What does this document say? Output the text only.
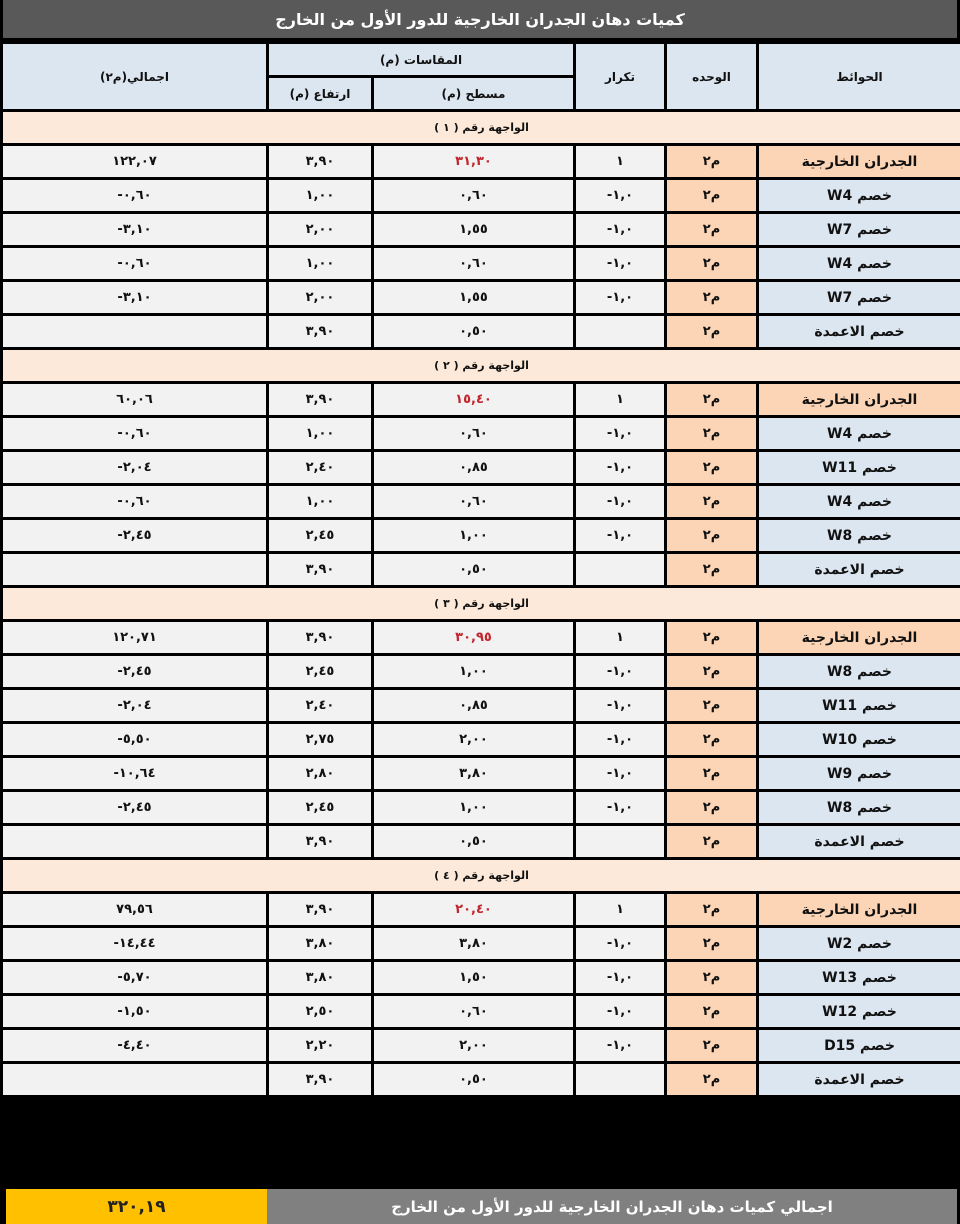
كميات دهان الجدران الخارجية للدور الأول من الخارج
الحوائط	الوحده	تكرار	المقاسات (م)		اجمالي(م٢)
			مسطح (م)	ارتفاع (م)	
الواجهة رقم ( ١ )					
الجدران الخارجية	م٢	١	٣١,٣٠	٣,٩٠	١٢٢,٠٧
خصم W4	م٢	١,٠-	٠,٦٠	١,٠٠	٠,٦٠-
خصم W7	م٢	١,٠-	١,٥٥	٢,٠٠	٣,١٠-
خصم W4	م٢	١,٠-	٠,٦٠	١,٠٠	٠,٦٠-
خصم W7	م٢	١,٠-	١,٥٥	٢,٠٠	٣,١٠-
خصم الاعمدة	م٢		٠,٥٠	٣,٩٠	
الواجهة رقم ( ٢ )					
الجدران الخارجية	م٢	١	١٥,٤٠	٣,٩٠	٦٠,٠٦
خصم W4	م٢	١,٠-	٠,٦٠	١,٠٠	٠,٦٠-
خصم W11	م٢	١,٠-	٠,٨٥	٢,٤٠	٢,٠٤-
خصم W4	م٢	١,٠-	٠,٦٠	١,٠٠	٠,٦٠-
خصم W8	م٢	١,٠-	١,٠٠	٢,٤٥	٢,٤٥-
خصم الاعمدة	م٢		٠,٥٠	٣,٩٠	
الواجهة رقم ( ٣ )					
الجدران الخارجية	م٢	١	٣٠,٩٥	٣,٩٠	١٢٠,٧١
خصم W8	م٢	١,٠-	١,٠٠	٢,٤٥	٢,٤٥-
خصم W11	م٢	١,٠-	٠,٨٥	٢,٤٠	٢,٠٤-
خصم W10	م٢	١,٠-	٢,٠٠	٢,٧٥	٥,٥٠-
خصم W9	م٢	١,٠-	٣,٨٠	٢,٨٠	١٠,٦٤-
خصم W8	م٢	١,٠-	١,٠٠	٢,٤٥	٢,٤٥-
خصم الاعمدة	م٢		٠,٥٠	٣,٩٠	
الواجهة رقم ( ٤ )					
الجدران الخارجية	م٢	١	٢٠,٤٠	٣,٩٠	٧٩,٥٦
خصم W2	م٢	١,٠-	٣,٨٠	٣,٨٠	١٤,٤٤-
خصم W13	م٢	١,٠-	١,٥٠	٣,٨٠	٥,٧٠-
خصم W12	م٢	١,٠-	٠,٦٠	٢,٥٠	١,٥٠-
خصم D15	م٢	١,٠-	٢,٠٠	٢,٢٠	٤,٤٠-
خصم الاعمدة	م٢		٠,٥٠	٣,٩٠	
اجمالي كميات دهان الجدران الخارجية للدور الأول من الخارج
٣٢٠,١٩
